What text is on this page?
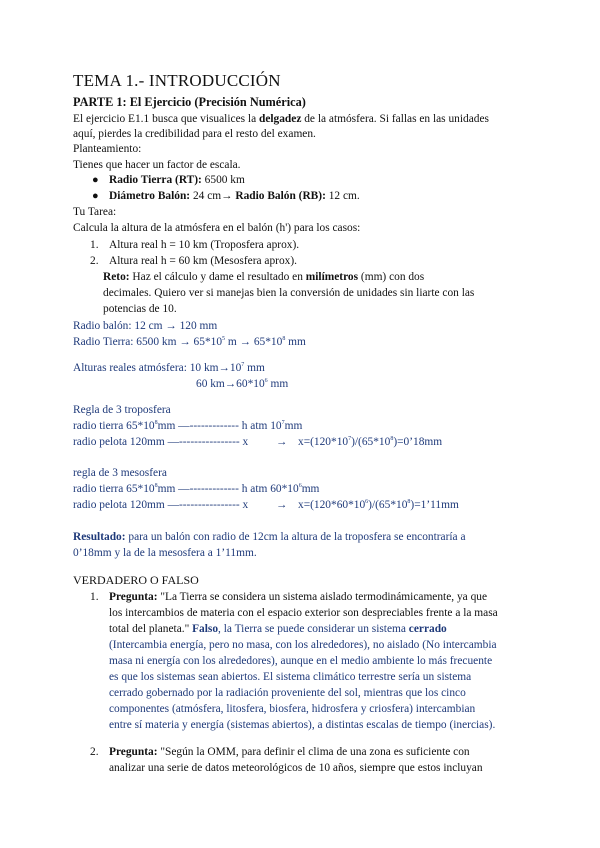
TEMA 1.- INTRODUCCIÓN
PARTE 1: El Ejercicio (Precisión Numérica)
El ejercicio E1.1 busca que visualices la delgadez de la atmósfera. Si fallas en las unidades
aquí, pierdes la credibilidad para el resto del examen.
Planteamiento:
Tienes que hacer un factor de escala.
● Radio Tierra (RT): 6500 km
● Diámetro Balón: 24 cm→ Radio Balón (RB): 12 cm.
Tu Tarea:
Calcula la altura de la atmósfera en el balón (h') para los casos:
1. Altura real h = 10 km (Troposfera aprox).
2. Altura real h = 60 km (Mesosfera aprox).
Reto: Haz el cálculo y dame el resultado en milímetros (mm) con dos
decimales. Quiero ver si manejas bien la conversión de unidades sin liarte con las
potencias de 10.
Radio balón: 12 cm → 120 mm
Radio Tierra: 6500 km → $65*10^5$ $m \to 65*10^8$ mm
Alturas reales atmósfera: 10 $km\to 10^7$ mm
60 $km\to 60*10^6$ mm
Regla de 3 troposfera
radio tierra $65*10^8mm$ —------------- h atm $10^7mm$
radio pelota 120mm —---------------- $x \to x=(120*10^7)/(65*10^8)=0’18mm$
regla de 3 mesosfera
radio tierra $65*10^8mm$ —------------- h atm $60*10^6mm$
radio pelota 120mm —---------------- $x \to x=(120*60*10^6)/(65*10^8)=1’11mm$
Resultado: para un balón con radio de 12cm la altura de la troposfera se encontraría a
0’18mm y la de la mesosfera a 1’11mm.
VERDADERO O FALSO
1. Pregunta: "La Tierra se considera un sistema aislado termodinámicamente, ya que
los intercambios de materia con el espacio exterior son despreciables frente a la masa
total del planeta." Falso, la Tierra se puede considerar un sistema cerrado
(Intercambia energía, pero no masa, con los alrededores), no aislado (No intercambia
masa ni energía con los alrededores), aunque en el medio ambiente lo más frecuente
es que los sistemas sean abiertos. El sistema climático terrestre sería un sistema
cerrado gobernado por la radiación proveniente del sol, mientras que los cinco
componentes (atmósfera, litosfera, biosfera, hidrosfera y criosfera) intercambian
entre sí materia y energía (sistemas abiertos), a distintas escalas de tiempo (inercias).
2. Pregunta: "Según la OMM, para definir el clima de una zona es suficiente con
analizar una serie de datos meteorológicos de 10 años, siempre que estos incluyan
